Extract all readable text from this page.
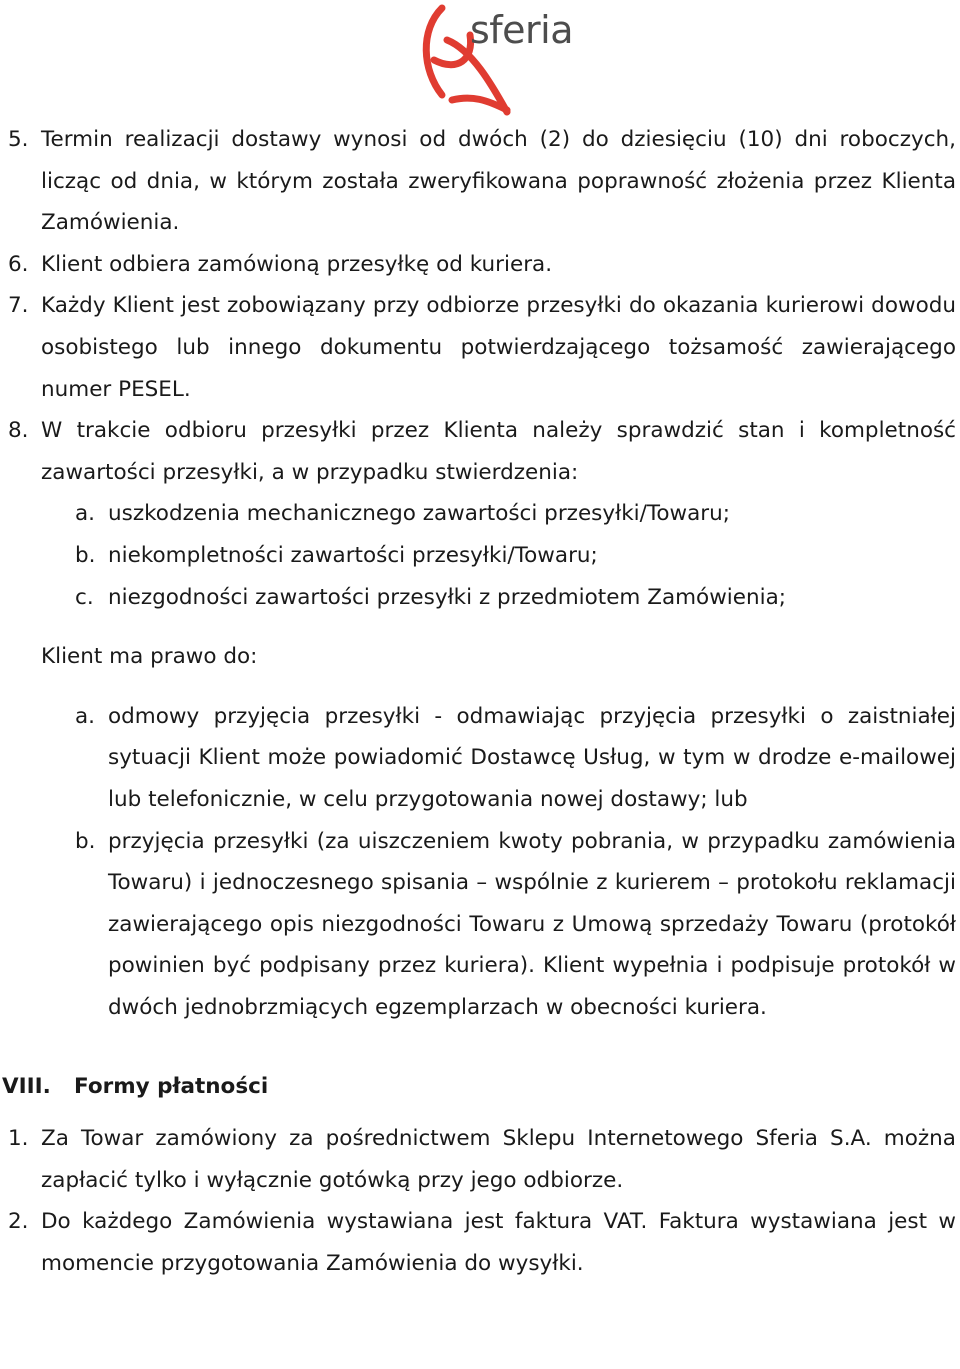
sferia
5. Termin realizacji dostawy wynosi od dwóch (2) do dziesięciu (10) dni roboczych, licząc od dnia, w którym została zweryfikowana poprawność złożenia przez Klienta Zamówienia.
6. Klient odbiera zamówioną przesyłkę od kuriera.
7. Każdy Klient jest zobowiązany przy odbiorze przesyłki do okazania kurierowi dowodu osobistego lub innego dokumentu potwierdzającego tożsamość zawierającego numer PESEL.
8. W trakcie odbioru przesyłki przez Klienta należy sprawdzić stan i kompletność zawartości przesyłki, a w przypadku stwierdzenia:
a. uszkodzenia mechanicznego zawartości przesyłki/Towaru;
b. niekompletności zawartości przesyłki/Towaru;
c. niezgodności zawartości przesyłki z przedmiotem Zamówienia;
Klient ma prawo do:
a. odmowy przyjęcia przesyłki - odmawiając przyjęcia przesyłki o zaistniałej sytuacji Klient może powiadomić Dostawcę Usług, w tym w drodze e-mailowej lub telefonicznie, w celu przygotowania nowej dostawy; lub
b. przyjęcia przesyłki (za uiszczeniem kwoty pobrania, w przypadku zamówienia Towaru) i jednoczesnego spisania – wspólnie z kurierem – protokołu reklamacji zawierającego opis niezgodności Towaru z Umową sprzedaży Towaru (protokół powinien być podpisany przez kuriera). Klient wypełnia i podpisuje protokół w dwóch jednobrzmiących egzemplarzach w obecności kuriera.
VIII. Formy płatności
1. Za Towar zamówiony za pośrednictwem Sklepu Internetowego Sferia S.A. można zapłacić tylko i wyłącznie gotówką przy jego odbiorze.
2. Do każdego Zamówienia wystawiana jest faktura VAT. Faktura wystawiana jest w momencie przygotowania Zamówienia do wysyłki.
